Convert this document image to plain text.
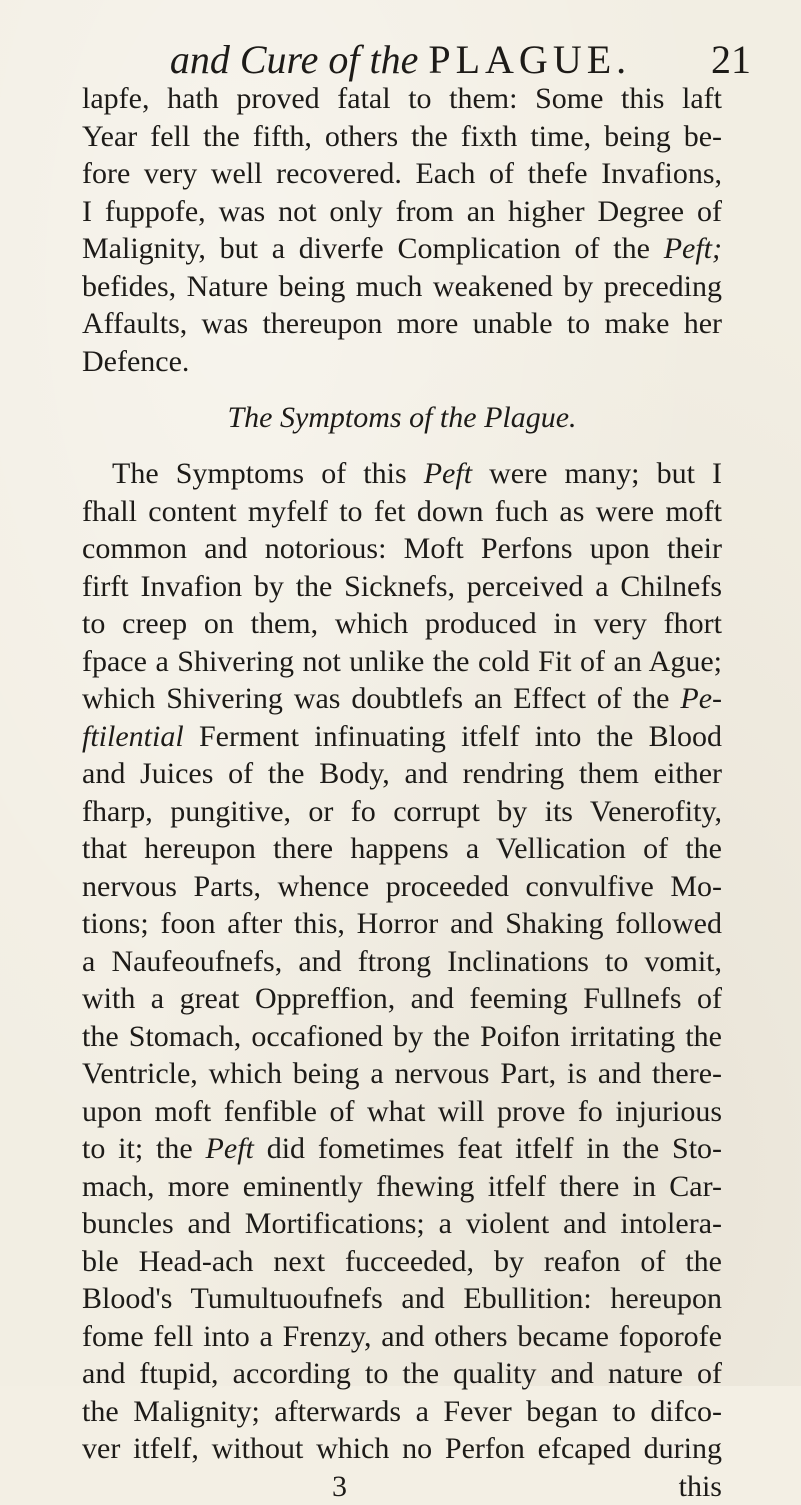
and Cure of the PLAGUE.	21
lapfe, hath proved fatal to them: Some this laft
Year fell the fifth, others the fixth time, being be-
fore very well recovered. Each of thefe Invafions,
I fuppofe, was not only from an higher Degree of
Malignity, but a diverfe Complication of the Peft;
befides, Nature being much weakened by preceding
Affaults, was thereupon more unable to make her
Defence.
The Symptoms of the Plague.
The Symptoms of this Peft were many; but I
fhall content myfelf to fet down fuch as were moft
common and notorious: Moft Perfons upon their
firft Invafion by the Sicknefs, perceived a Chilnefs
to creep on them, which produced in very fhort
fpace a Shivering not unlike the cold Fit of an Ague;
which Shivering was doubtlefs an Effect of the Pe-
ftilential Ferment infinuating itfelf into the Blood
and Juices of the Body, and rendring them either
fharp, pungitive, or fo corrupt by its Venerofity,
that hereupon there happens a Vellication of the
nervous Parts, whence proceeded convulfive Mo-
tions; foon after this, Horror and Shaking followed
a Naufeoufnefs, and ftrong Inclinations to vomit,
with a great Oppreffion, and feeming Fullnefs of
the Stomach, occafioned by the Poifon irritating the
Ventricle, which being a nervous Part, is and there-
upon moft fenfible of what will prove fo injurious
to it; the Peft did fometimes feat itfelf in the Sto-
mach, more eminently fhewing itfelf there in Car-
buncles and Mortifications; a violent and intolera-
ble Head-ach next fucceeded, by reafon of the
Blood's Tumultuoufnefs and Ebullition: hereupon
fome fell into a Frenzy, and others became foporofe
and ftupid, according to the quality and nature of
the Malignity; afterwards a Fever began to difco-
ver itfelf, without which no Perfon efcaped during
3	this
